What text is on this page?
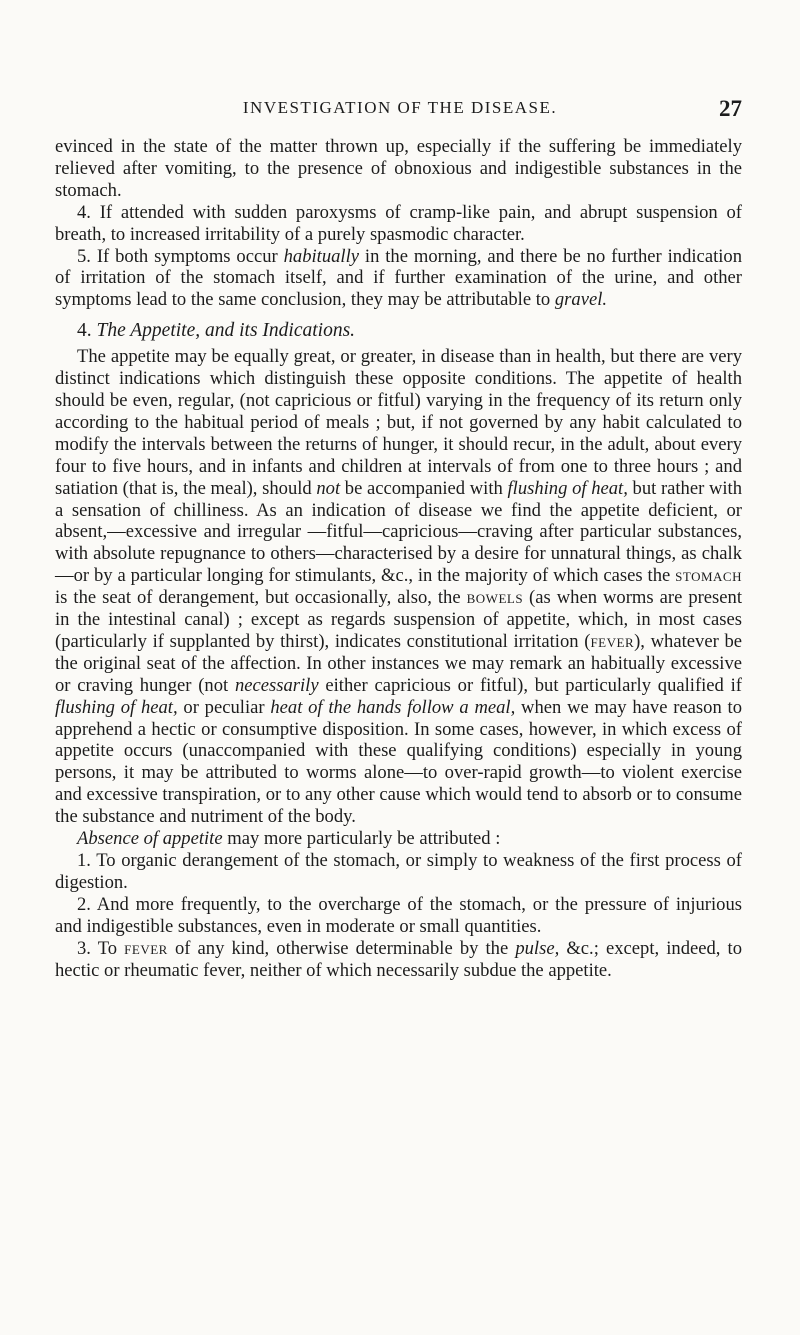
INVESTIGATION OF THE DISEASE.	27

evinced in the state of the matter thrown up, especially if the suffering be immediately relieved after vomiting, to the presence of obnoxious and indigestible substances in the stomach.

4. If attended with sudden paroxysms of cramp-like pain, and abrupt suspension of breath, to increased irritability of a purely spasmodic character.

5. If both symptoms occur habitually in the morning, and there be no further indication of irritation of the stomach itself, and if further examination of the urine, and other symptoms lead to the same conclusion, they may be attributable to gravel.

4. The Appetite, and its Indications.

The appetite may be equally great, or greater, in disease than in health, but there are very distinct indications which distinguish these opposite conditions. The appetite of health should be even, regular, (not capricious or fitful) varying in the frequency of its return only according to the habitual period of meals ; but, if not governed by any habit calculated to modify the intervals between the returns of hunger, it should recur, in the adult, about every four to five hours, and in infants and children at intervals of from one to three hours ; and satiation (that is, the meal), should not be accompanied with flushing of heat, but rather with a sensation of chilliness. As an indication of disease we find the appetite deficient, or absent,—excessive and irregular —fitful—capricious—craving after particular substances, with absolute repugnance to others—characterised by a desire for unnatural things, as chalk—or by a particular longing for stimulants, &c., in the majority of which cases the stomach is the seat of derangement, but occasionally, also, the bowels (as when worms are present in the intestinal canal) ; except as regards suspension of appetite, which, in most cases (particularly if supplanted by thirst), indicates constitutional irritation (fever), whatever be the original seat of the affection. In other instances we may remark an habitually excessive or craving hunger (not necessarily either capricious or fitful), but particularly qualified if flushing of heat, or peculiar heat of the hands follow a meal, when we may have reason to apprehend a hectic or consumptive disposition. In some cases, however, in which excess of appetite occurs (unaccompanied with these qualifying conditions) especially in young persons, it may be attributed to worms alone—to over-rapid growth—to violent exercise and excessive transpiration, or to any other cause which would tend to absorb or to consume the substance and nutriment of the body.

Absence of appetite may more particularly be attributed :

1. To organic derangement of the stomach, or simply to weakness of the first process of digestion.

2. And more frequently, to the overcharge of the stomach, or the pressure of injurious and indigestible substances, even in moderate or small quantities.

3. To fever of any kind, otherwise determinable by the pulse, &c.; except, indeed, to hectic or rheumatic fever, neither of which necessarily subdue the appetite.
